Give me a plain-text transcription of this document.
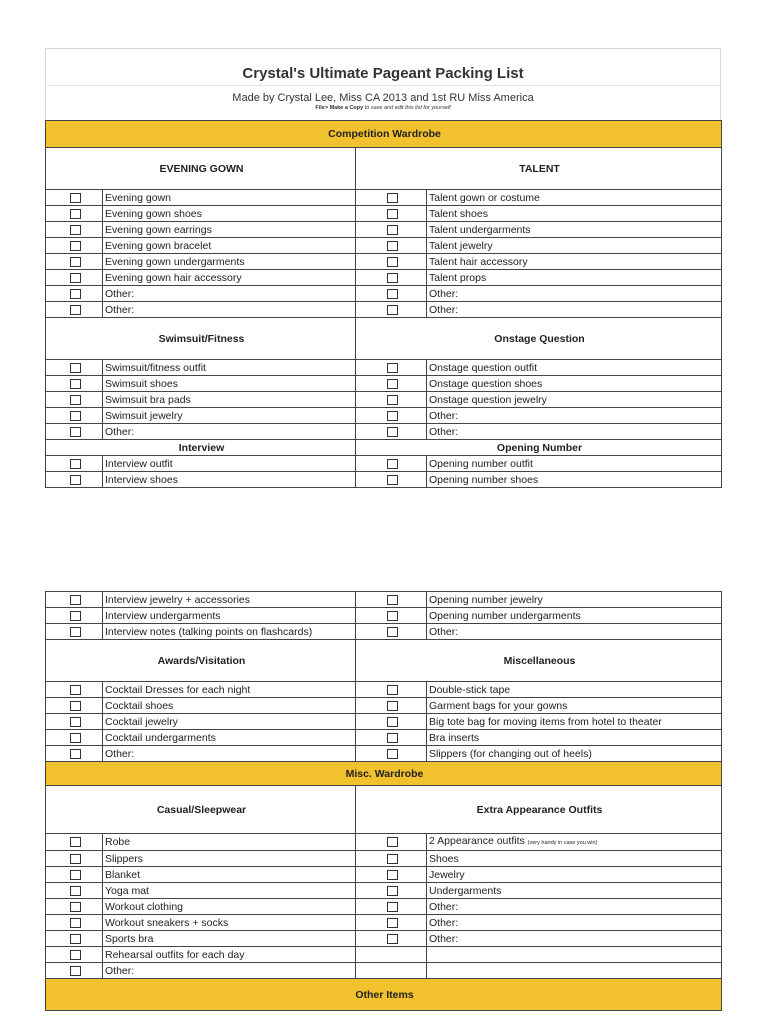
Crystal's Ultimate Pageant Packing List
Made by Crystal Lee, Miss CA 2013 and 1st RU Miss America
File> Make a Copy to save and edit this list for yourself
Competition Wardrobe			
EVENING GOWN		TALENT	
	Evening gown		Talent gown or costume
	Evening gown shoes		Talent shoes
	Evening gown earrings		Talent undergarments
	Evening gown bracelet		Talent jewelry
	Evening gown undergarments		Talent hair accessory
	Evening gown hair accessory		Talent props
	Other:		Other:
	Other:		Other:
Swimsuit/Fitness		Onstage Question	
	Swimsuit/fitness outfit		Onstage question outfit
	Swimsuit shoes		Onstage question shoes
	Swimsuit bra pads		Onstage question jewelry
	Swimsuit jewelry		Other:
	Other:		Other:
Interview		Opening Number	
	Interview outfit		Opening number outfit
	Interview shoes		Opening number shoes
	Interview jewelry + accessories		Opening number jewelry
	Interview undergarments		Opening number undergarments
	Interview notes (talking points on flashcards)		Other:
Awards/Visitation		Miscellaneous	
	Cocktail Dresses for each night		Double-stick tape
	Cocktail shoes		Garment bags for your gowns
	Cocktail jewelry		Big tote bag for moving items from hotel to theater
	Cocktail undergarments		Bra inserts
	Other:		Slippers (for changing out of heels)
Misc. Wardrobe			
Casual/Sleepwear		Extra Appearance Outfits	
	Robe		2 Appearance outfits (very handy in case you win)
	Slippers		Shoes
	Blanket		Jewelry
	Yoga mat		Undergarments
	Workout clothing		Other:
	Workout sneakers + socks		Other:
	Sports bra		Other:
	Rehearsal outfits for each day		
	Other:		
Other Items			
